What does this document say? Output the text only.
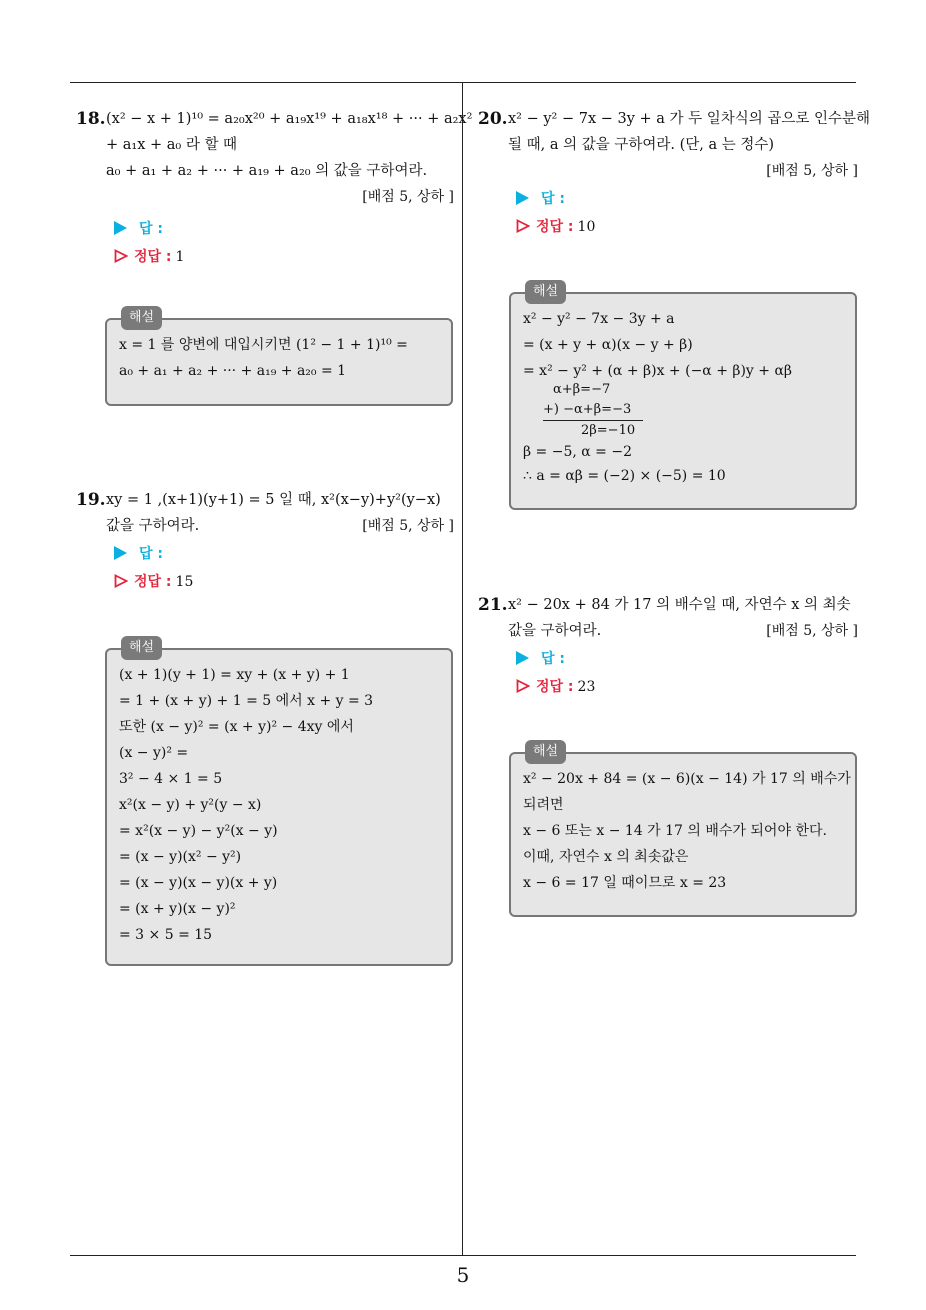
18. (x² − x + 1)¹⁰ = a₂₀x²⁰ + a₁₉x¹⁹ + a₁₈x¹⁸ + ··· + a₂x²
+ a₁x + a₀ 라 할 때
a₀ + a₁ + a₂ + ··· + a₁₉ + a₂₀ 의 값을 구하여라.
[배점 5, 상하 ]
답 :
정답 : 1
해설
x = 1 를 양변에 대입시키면 (1² − 1 + 1)¹⁰ =
a₀ + a₁ + a₂ + ··· + a₁₉ + a₂₀ = 1
19. xy = 1 ,(x+1)(y+1) = 5 일 때, x²(x−y)+y²(y−x)
값을 구하여라.	[배점 5, 상하 ]
답 :
정답 : 15
해설
(x + 1)(y + 1) = xy + (x + y) + 1
= 1 + (x + y) + 1 = 5 에서 x + y = 3
또한 (x − y)² = (x + y)² − 4xy 에서
(x − y)² =
3² − 4 × 1 = 5
x²(x − y) + y²(y − x)
= x²(x − y) − y²(x − y)
= (x − y)(x² − y²)
= (x − y)(x − y)(x + y)
= (x + y)(x − y)²
= 3 × 5 = 15
20. x² − y² − 7x − 3y + a 가 두 일차식의 곱으로 인수분해
될 때, a 의 값을 구하여라. (단, a 는 정수)
[배점 5, 상하 ]
답 :
정답 : 10
해설
x² − y² − 7x − 3y + a
= (x + y + α)(x − y + β)
= x² − y² + (α + β)x + (−α + β)y + αβ
α+β=−7
+) −α+β=−3
2β=−10
β = −5, α = −2
∴ a = αβ = (−2) × (−5) = 10
21. x² − 20x + 84 가 17 의 배수일 때, 자연수 x 의 최솟
값을 구하여라.	[배점 5, 상하 ]
답 :
정답 : 23
해설
x² − 20x + 84 = (x − 6)(x − 14) 가 17 의 배수가
되려면
x − 6 또는 x − 14 가 17 의 배수가 되어야 한다.
이때, 자연수 x 의 최솟값은
x − 6 = 17 일 때이므로 x = 23
5
